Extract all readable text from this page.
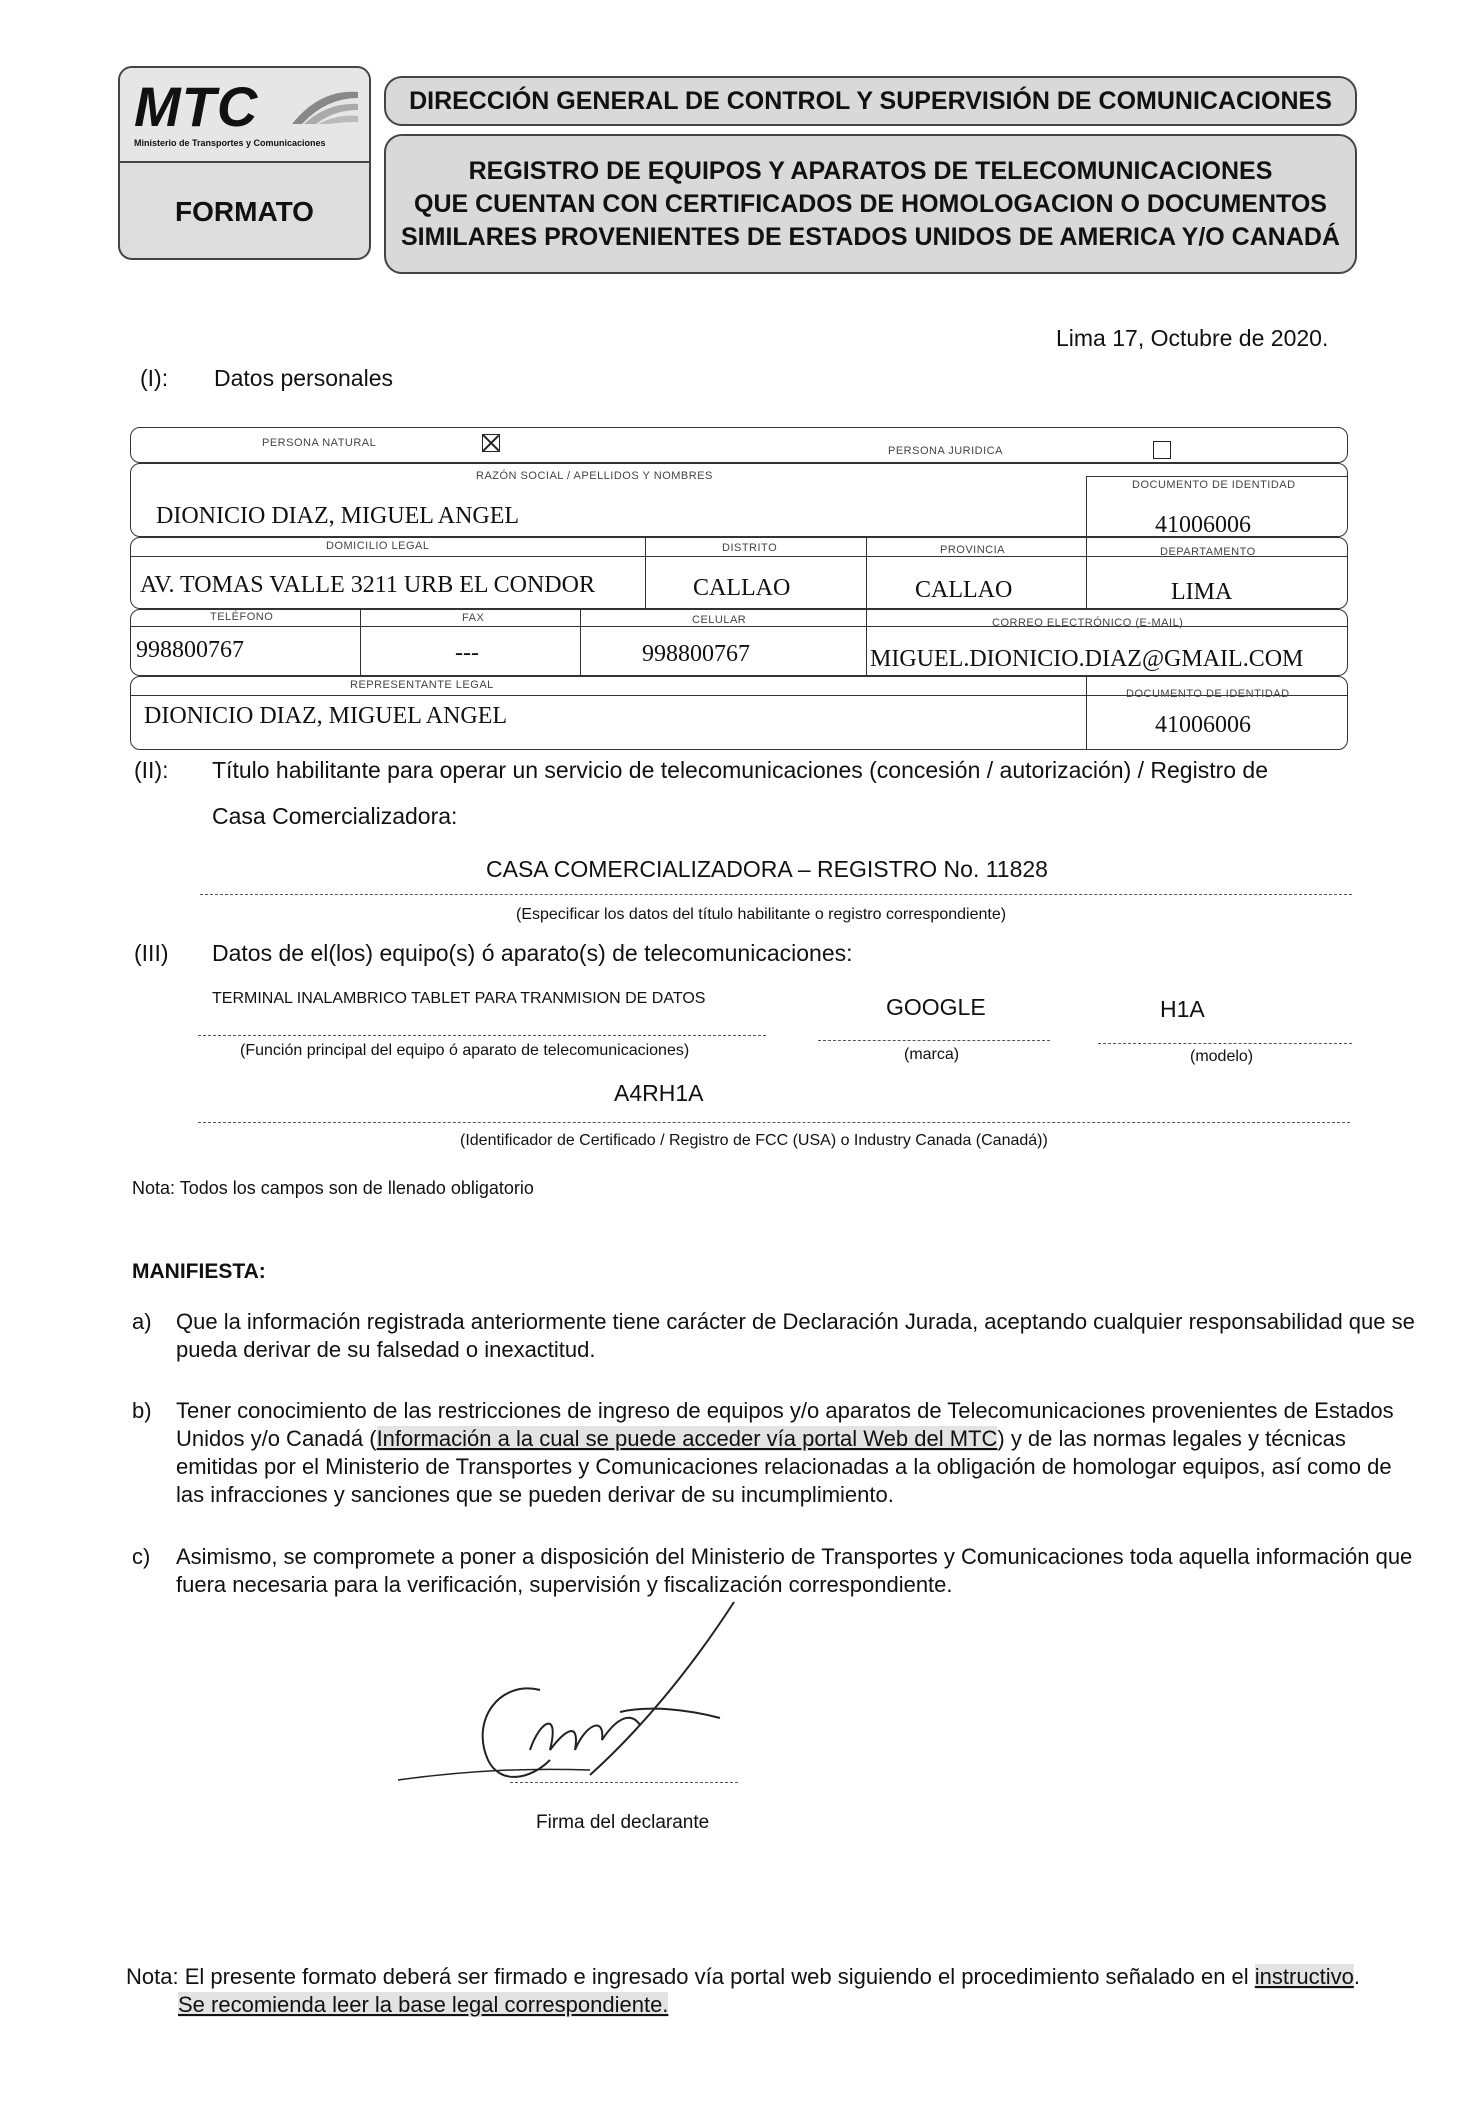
MTC
Ministerio de Transportes y Comunicaciones
FORMATO
DIRECCIÓN GENERAL DE CONTROL Y SUPERVISIÓN DE COMUNICACIONES
REGISTRO DE EQUIPOS Y APARATOS DE TELECOMUNICACIONES
QUE CUENTAN CON CERTIFICADOS DE HOMOLOGACION O DOCUMENTOS
SIMILARES PROVENIENTES DE ESTADOS UNIDOS DE AMERICA Y/O CANADÁ
Lima 17, Octubre de 2020.
(I): Datos personales
PERSONA NATURAL
PERSONA JURIDICA
RAZÓN SOCIAL / APELLIDOS Y NOMBRES
DOCUMENTO DE IDENTIDAD
DIONICIO DIAZ, MIGUEL ANGEL	41006006
DOMICILIO LEGAL	DISTRITO	PROVINCIA	DEPARTAMENTO
AV. TOMAS VALLE 3211 URB EL CONDOR	CALLAO	CALLAO	LIMA
TELÉFONO	FAX	CELULAR	CORREO ELECTRÓNICO (E-MAIL)
998800767	---	998800767	MIGUEL.DIONICIO.DIAZ@GMAIL.COM
REPRESENTANTE LEGAL
DOCUMENTO DE IDENTIDAD
DIONICIO DIAZ, MIGUEL ANGEL	41006006
(II): Título habilitante para operar un servicio de telecomunicaciones (concesión / autorización) / Registro de
Casa Comercializadora:
CASA COMERCIALIZADORA – REGISTRO No. 11828
(Especificar los datos del título habilitante o registro correspondiente)
(III) Datos de el(los) equipo(s) ó aparato(s) de telecomunicaciones:
TERMINAL INALAMBRICO TABLET PARA TRANMISION DE DATOS	GOOGLE	H1A
(Función principal del equipo ó aparato de telecomunicaciones)	(marca)	(modelo)
A4RH1A
(Identificador de Certificado / Registro de FCC (USA) o Industry Canada (Canadá))
Nota: Todos los campos son de llenado obligatorio
MANIFIESTA:
a) Que la información registrada anteriormente tiene carácter de Declaración Jurada, aceptando cualquier responsabilidad que se
pueda derivar de su falsedad o inexactitud.
b) Tener conocimiento de las restricciones de ingreso de equipos y/o aparatos de Telecomunicaciones provenientes de Estados
Unidos y/o Canadá (Información a la cual se puede acceder vía portal Web del MTC) y de las normas legales y técnicas
emitidas por el Ministerio de Transportes y Comunicaciones relacionadas a la obligación de homologar equipos, así como de
las infracciones y sanciones que se pueden derivar de su incumplimiento.
c) Asimismo, se compromete a poner a disposición del Ministerio de Transportes y Comunicaciones toda aquella información que
fuera necesaria para la verificación, supervisión y fiscalización correspondiente.
Firma del declarante
Nota: El presente formato deberá ser firmado e ingresado vía portal web siguiendo el procedimiento señalado en el instructivo.
Se recomienda leer la base legal correspondiente.
